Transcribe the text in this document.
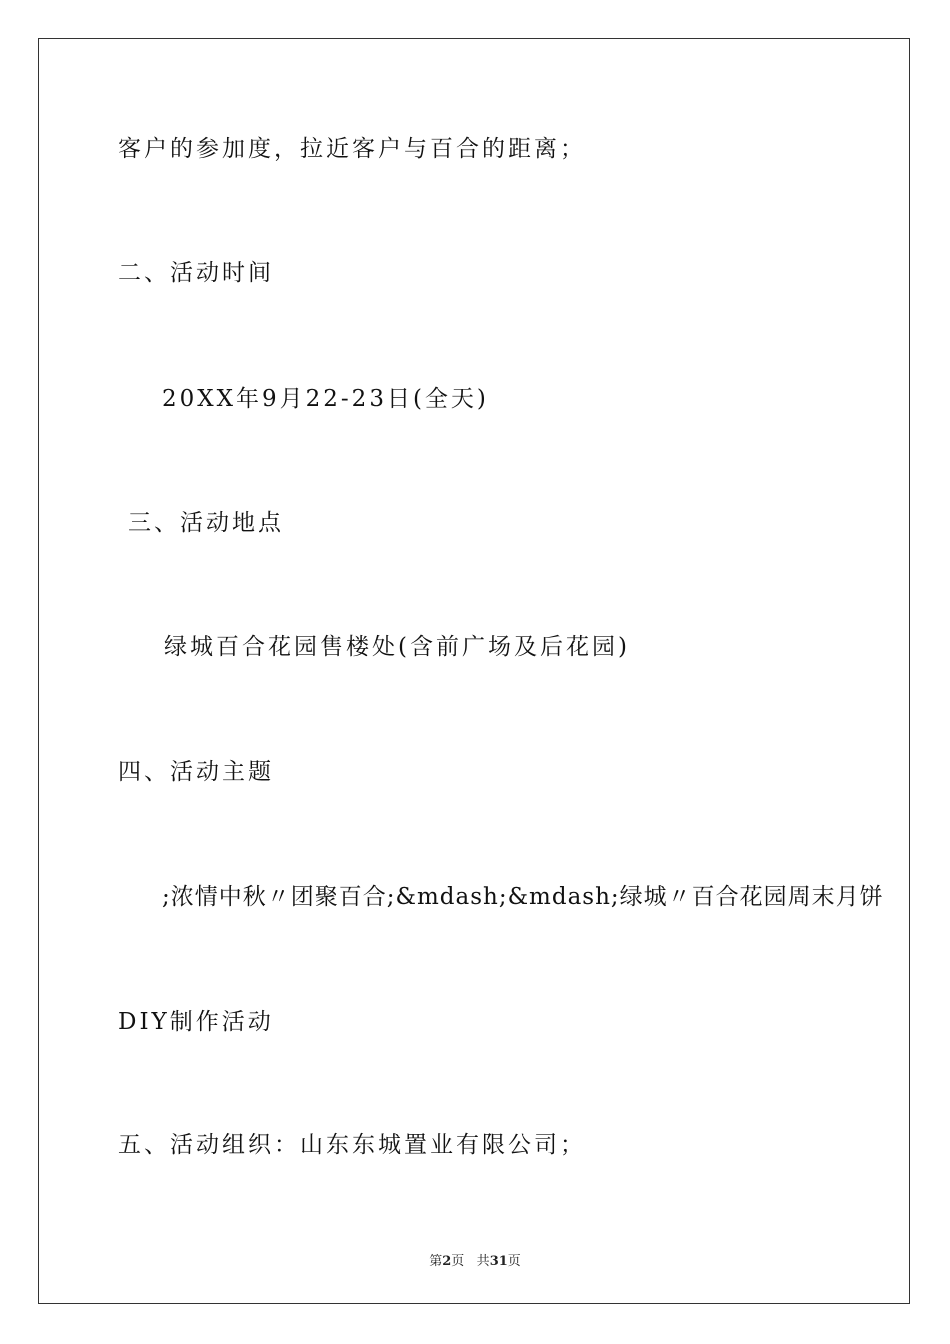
客户的参加度，拉近客户与百合的距离；
二、活动时间
20XX年9月22-23日(全天)
三、活动地点
绿城百合花园售楼处(含前广场及后花园)
四、活动主题
;浓情中秋〃团聚百合;&mdash;&mdash;绿城〃百合花园周末月饼
DIY制作活动
五、活动组织：山东东城置业有限公司；
第2页 共31页
